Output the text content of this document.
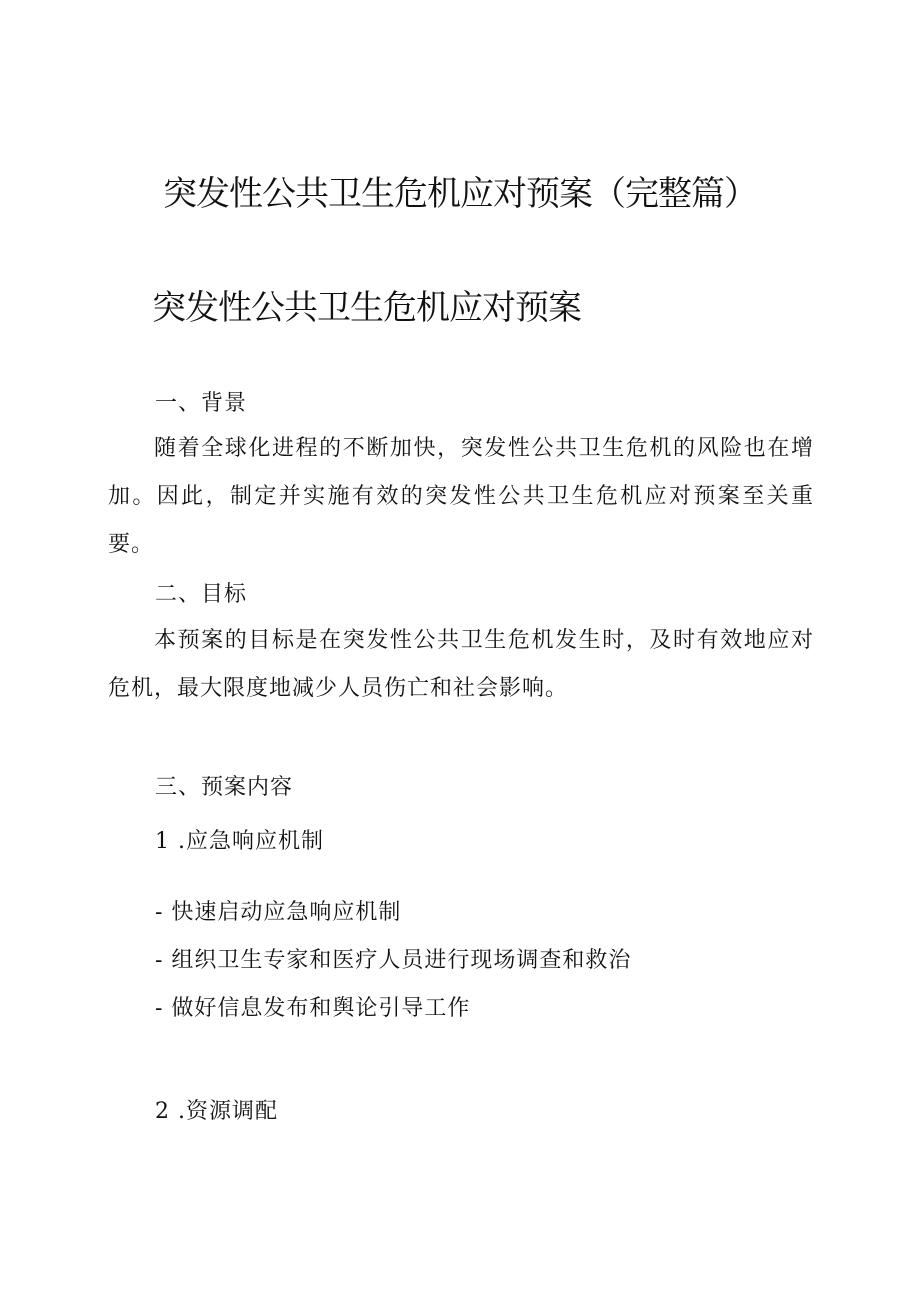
突发性公共卫生危机应对预案（完整篇）
突发性公共卫生危机应对预案
一、背景
随着全球化进程的不断加快，突发性公共卫生危机的风险也在增加。因此，制定并实施有效的突发性公共卫生危机应对预案至关重要。
二、目标
本预案的目标是在突发性公共卫生危机发生时，及时有效地应对危机，最大限度地减少人员伤亡和社会影响。
三、预案内容
1 .应急响应机制
- 快速启动应急响应机制
- 组织卫生专家和医疗人员进行现场调查和救治
- 做好信息发布和舆论引导工作
2 .资源调配
